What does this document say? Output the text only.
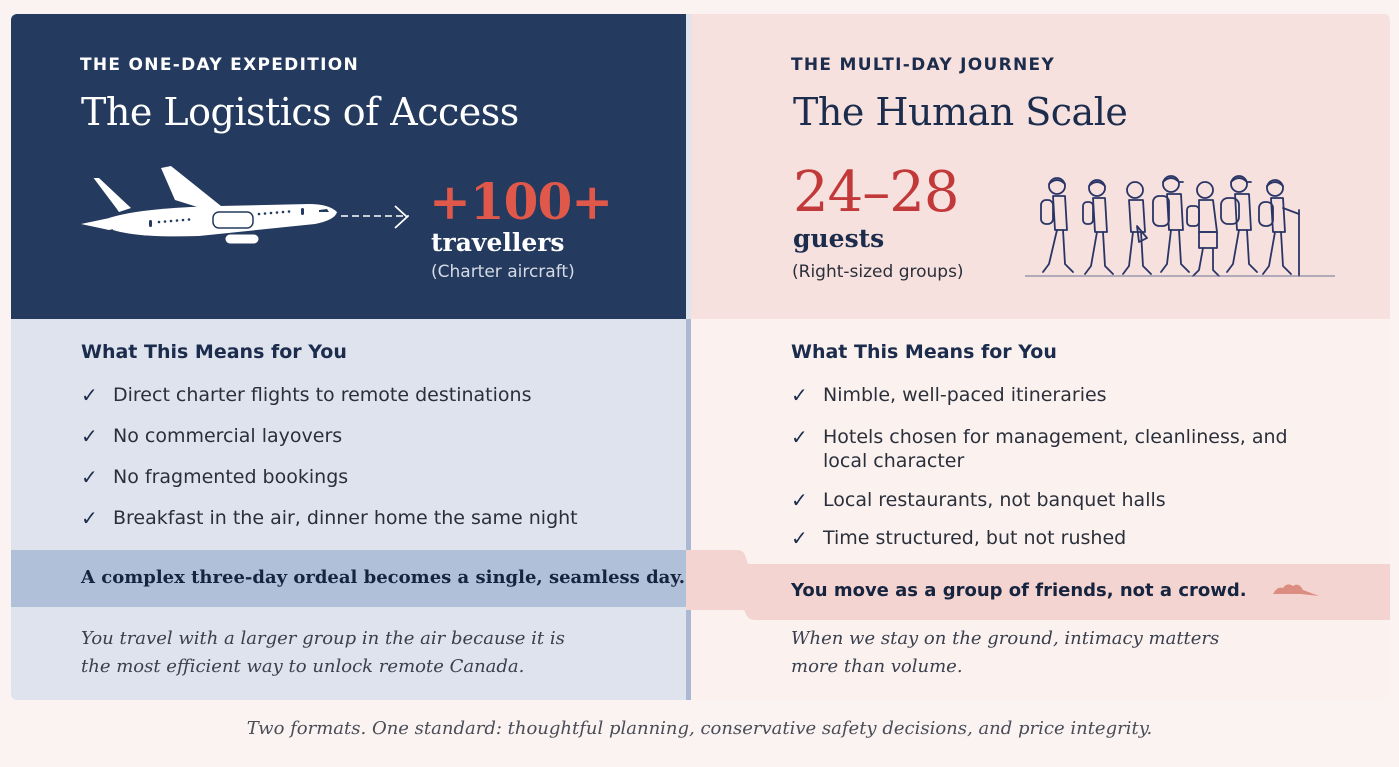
THE ONE-DAY EXPEDITION
The Logistics of Access
+100+
travellers
(Charter aircraft)
What This Means for You
✓ Direct charter flights to remote destinations
✓ No commercial layovers
✓ No fragmented bookings
✓ Breakfast in the air, dinner home the same night
You travel with a larger group in the air because it is
the most efficient way to unlock remote Canada.
THE MULTI-DAY JOURNEY
The Human Scale
24–28
guests
(Right-sized groups)
What This Means for You
✓ Nimble, well-paced itineraries
✓ Hotels chosen for management, cleanliness, and
local character
✓ Local restaurants, not banquet halls
✓ Time structured, but not rushed
When we stay on the ground, intimacy matters
more than volume.
A complex three-day ordeal becomes a single, seamless day.
You move as a group of friends, not a crowd.
Two formats. One standard: thoughtful planning, conservative safety decisions, and price integrity.
